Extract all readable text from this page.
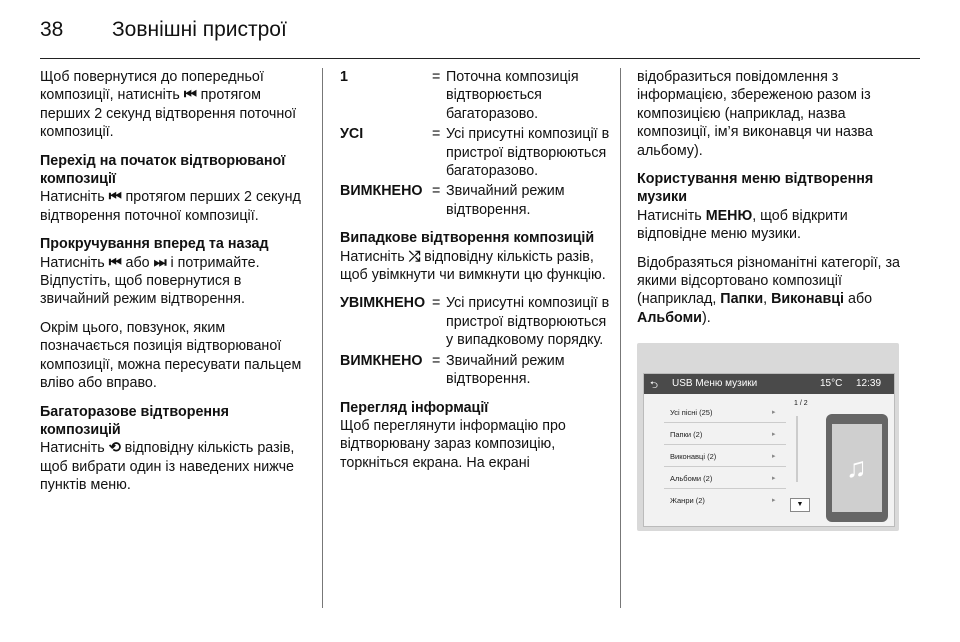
38 Зовнішні пристрої

Щоб повернутися до попередньої композиції, натисніть ⏮ протягом перших 2 секунд відтворення поточної композиції.

Перехід на початок відтворюваної композиції

Натисніть ⏮ протягом перших 2 секунд відтворення поточної композиції.

Прокручування вперед та назад

Натисніть ⏮ або ⏭ і потримайте. Відпустіть, щоб повернутися в звичайний режим відтворення.

Окрім цього, повзунок, яким позначається позиція відтворюваної композиції, можна пересувати пальцем вліво або вправо.

Багаторазове відтворення композицій

Натисніть ⟲ відповідну кількість разів, щоб вибрати один із наведених нижче пунктів меню.

1	= Поточна композиція відтворюється багаторазово.
УСІ	= Усі присутні композиції в пристрої відтворюються багаторазово.
ВИМКНЕНО = Звичайний режим відтворення.

Випадкове відтворення композицій

Натисніть ⤮ відповідну кількість разів, щоб увімкнути чи вимкнути цю функцію.

УВІМКНЕНО = Усі присутні композиції в пристрої відтворюються у випадковому порядку.
ВИМКНЕНО = Звичайний режим відтворення.

Перегляд інформації

Щоб переглянути інформацію про відтворювану зараз композицію, торкніться екрана. На екрані

відобразиться повідомлення з інформацією, збереженою разом із композицією (наприклад, назва композиції, ім’я виконавця чи назва альбому).

Користування меню відтворення музики

Натисніть МЕНЮ, щоб відкрити відповідне меню музики.

Відобразяться різноманітні категорії, за якими відсортовано композиції (наприклад, Папки, Виконавці або Альбоми).

⮌ USB Меню музики	15°C 12:39
1 / 2
Усі пісні (25)	▸
Папки (2)	▸
Виконавці (2)	▸
Альбоми (2)	▸
Жанри (2)	▸
▼
♫
